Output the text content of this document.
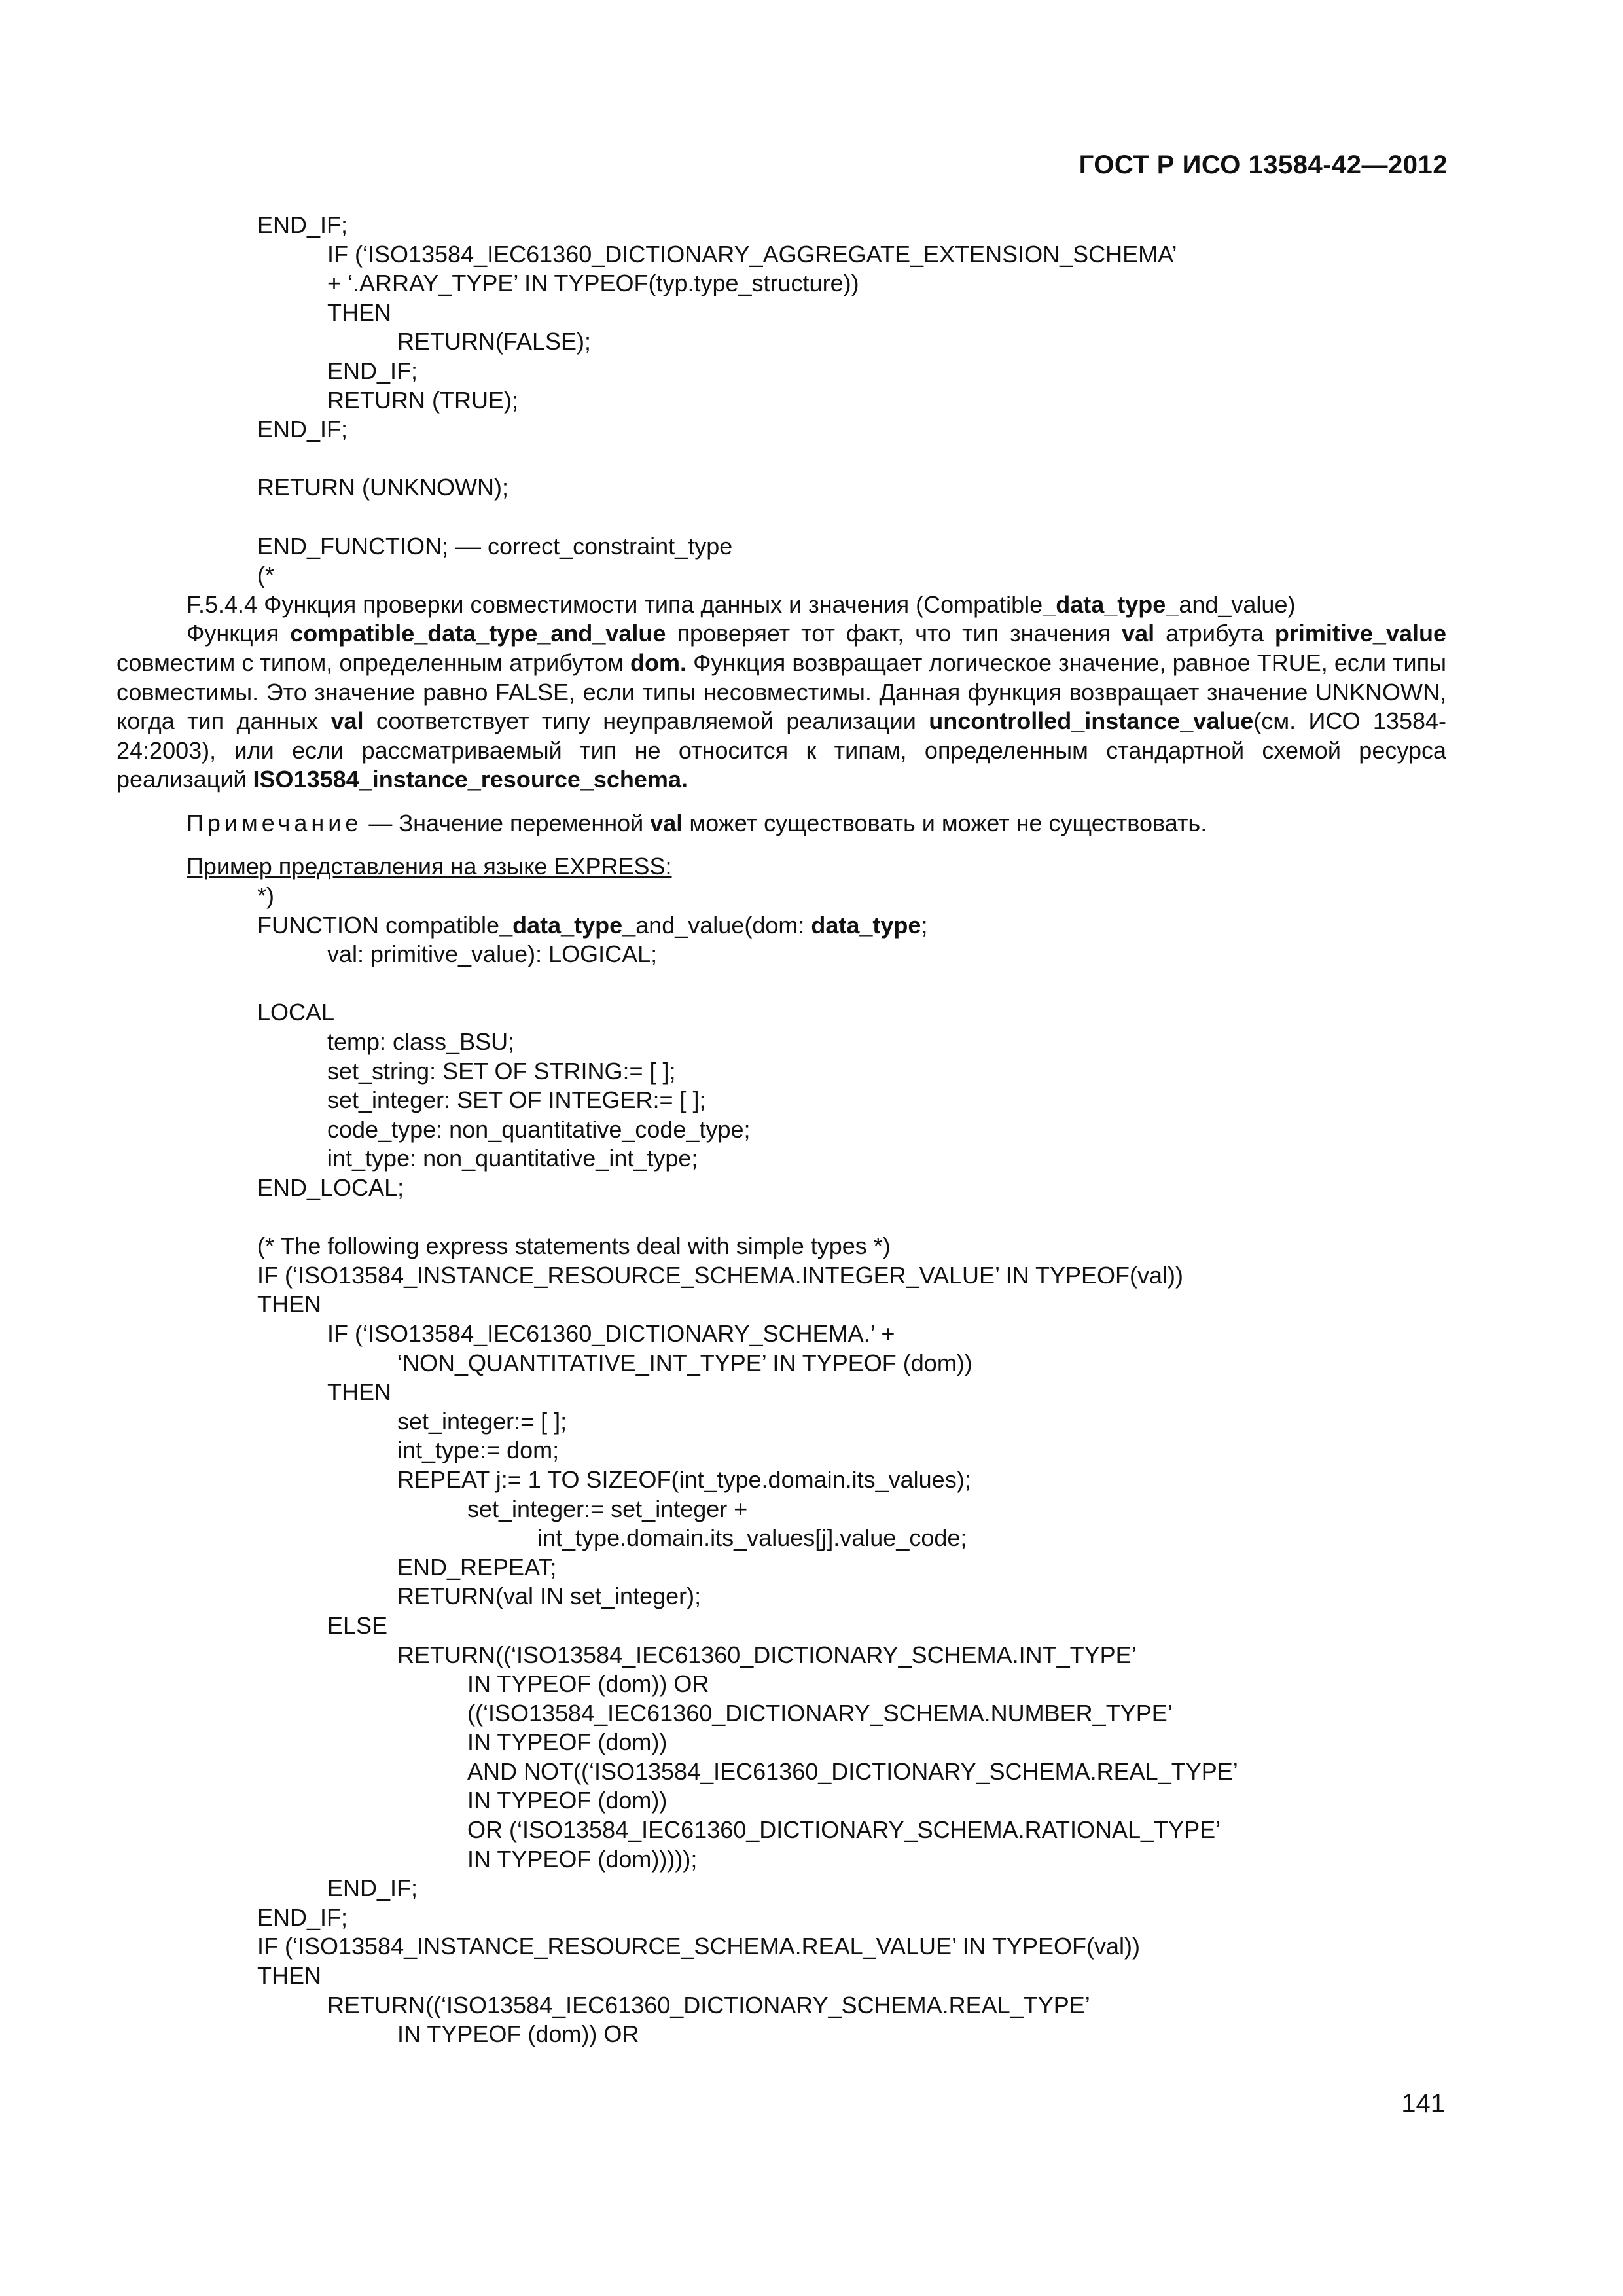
ГОСТ Р ИСО 13584-42—2012
END_IF;
IF (‘ISO13584_IEC61360_DICTIONARY_AGGREGATE_EXTENSION_SCHEMA’
+ ‘.ARRAY_TYPE’ IN TYPEOF(typ.type_structure))
THEN
RETURN(FALSE);
END_IF;
RETURN (TRUE);
END_IF;
RETURN (UNKNOWN);
END_FUNCTION; –– correct_constraint_type
(*
F.5.4.4 Функция проверки совместимости типа данных и значения (Compatible_data_type_and_value)
Функция compatible_data_type_and_value проверяет тот факт, что тип значения val атрибута primitive_value совместим с типом, определенным атрибутом dom. Функция возвращает логическое значение, равное TRUE, если типы совместимы. Это значение равно FALSE, если типы несовместимы. Данная функция возвращает значение UNKNOWN, когда тип данных val соответствует типу неуправляемой реализации uncontrolled_instance_value(см. ИСО 13584-24:2003), или если рассматриваемый тип не относится к типам, определенным стандартной схемой ресурса реализаций ISO13584_instance_resource_schema.
Примечание — Значение переменной val может существовать и может не существовать.
Пример представления на языке EXPRESS:
*)
FUNCTION compatible_data_type_and_value(dom: data_type;
val: primitive_value): LOGICAL;
LOCAL
temp: class_BSU;
set_string: SET OF STRING:= [ ];
set_integer: SET OF INTEGER:= [ ];
code_type: non_quantitative_code_type;
int_type: non_quantitative_int_type;
END_LOCAL;
(* The following express statements deal with simple types *)
IF (‘ISO13584_INSTANCE_RESOURCE_SCHEMA.INTEGER_VALUE’ IN TYPEOF(val))
THEN
IF (‘ISO13584_IEC61360_DICTIONARY_SCHEMA.’ +
‘NON_QUANTITATIVE_INT_TYPE’ IN TYPEOF (dom))
THEN
set_integer:= [ ];
int_type:= dom;
REPEAT j:= 1 TO SIZEOF(int_type.domain.its_values);
set_integer:= set_integer +
int_type.domain.its_values[j].value_code;
END_REPEAT;
RETURN(val IN set_integer);
ELSE
RETURN((‘ISO13584_IEC61360_DICTIONARY_SCHEMA.INT_TYPE’
IN TYPEOF (dom)) OR
((‘ISO13584_IEC61360_DICTIONARY_SCHEMA.NUMBER_TYPE’
IN TYPEOF (dom))
AND NOT((‘ISO13584_IEC61360_DICTIONARY_SCHEMA.REAL_TYPE’
IN TYPEOF (dom))
OR (‘ISO13584_IEC61360_DICTIONARY_SCHEMA.RATIONAL_TYPE’
IN TYPEOF (dom)))));
END_IF;
END_IF;
IF (‘ISO13584_INSTANCE_RESOURCE_SCHEMA.REAL_VALUE’ IN TYPEOF(val))
THEN
RETURN((‘ISO13584_IEC61360_DICTIONARY_SCHEMA.REAL_TYPE’
IN TYPEOF (dom)) OR
141
